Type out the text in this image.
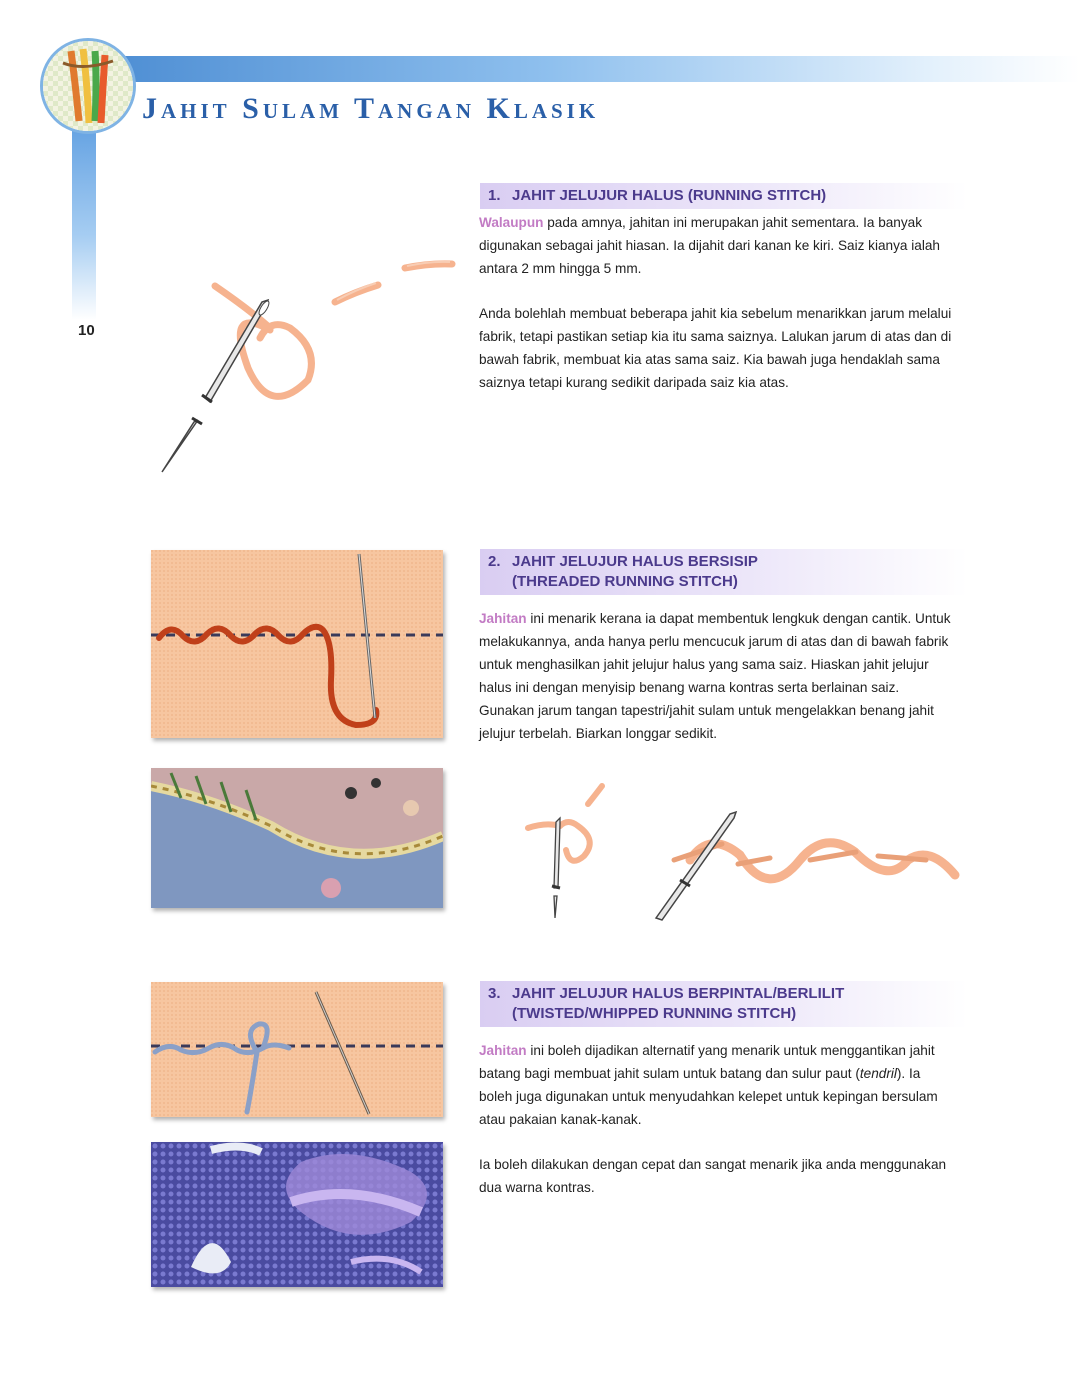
Jahit Sulam Tangan Klasik
10
1. JAHIT JELUJUR HALUS (RUNNING STITCH)
Walaupun pada amnya, jahitan ini merupakan jahit sementara. Ia banyak digunakan sebagai jahit hiasan. Ia dijahit dari kanan ke kiri. Saiz kianya ialah antara 2 mm hingga 5 mm.
Anda bolehlah membuat beberapa jahit kia sebelum menarikkan jarum melalui fabrik, tetapi pastikan setiap kia itu sama saiznya. Lalukan jarum di atas dan di bawah fabrik, membuat kia atas sama saiz. Kia bawah juga hendaklah sama saiznya tetapi kurang sedikit daripada saiz kia atas.
2. JAHIT JELUJUR HALUS BERSISIP
(THREADED RUNNING STITCH)
Jahitan ini menarik kerana ia dapat membentuk lengkuk dengan cantik. Untuk melakukannya, anda hanya perlu mencucuk jarum di atas dan di bawah fabrik untuk menghasilkan jahit jelujur halus yang sama saiz. Hiaskan jahit jelujur halus ini dengan menyisip benang warna kontras serta berlainan saiz. Gunakan jarum tangan tapestri/jahit sulam untuk mengelakkan benang jahit jelujur terbelah. Biarkan longgar sedikit.
3. JAHIT JELUJUR HALUS BERPINTAL/BERLILIT
(TWISTED/WHIPPED RUNNING STITCH)
Jahitan ini boleh dijadikan alternatif yang menarik untuk menggantikan jahit batang bagi membuat jahit sulam untuk batang dan sulur paut (tendril). Ia boleh juga digunakan untuk menyudahkan kelepet untuk kepingan bersulam atau pakaian kanak-kanak.
Ia boleh dilakukan dengan cepat dan sangat menarik jika anda menggunakan dua warna kontras.
